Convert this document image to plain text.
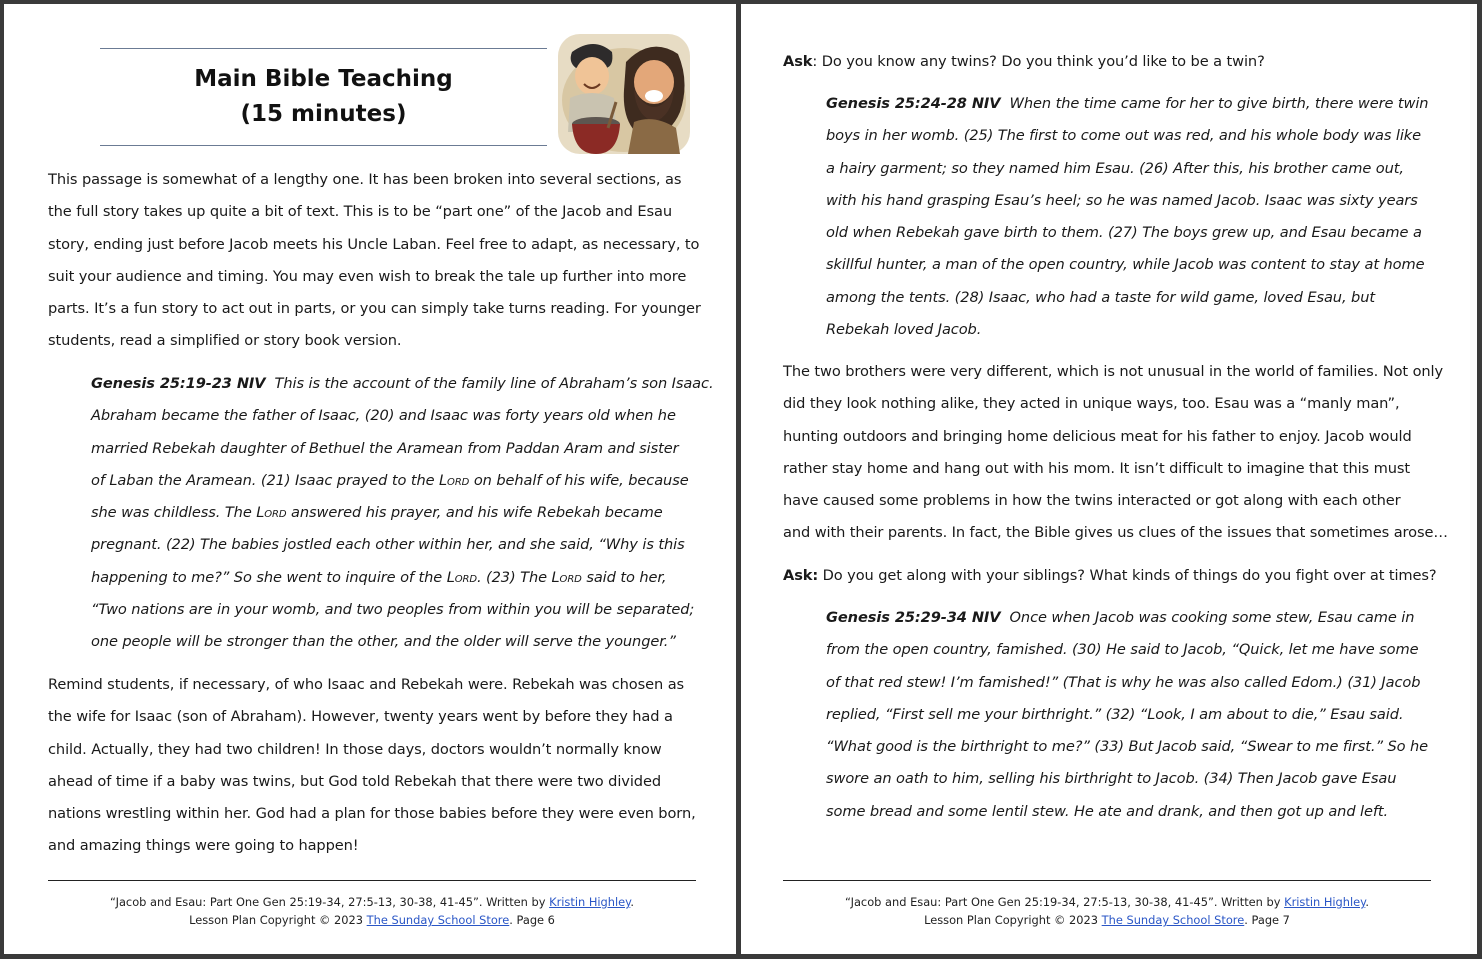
Main Bible Teaching
(15 minutes)

This passage is somewhat of a lengthy one. It has been broken into several sections, as

the full story takes up quite a bit of text. This is to be “part one” of the Jacob and Esau

story, ending just before Jacob meets his Uncle Laban. Feel free to adapt, as necessary, to

suit your audience and timing. You may even wish to break the tale up further into more

parts. It’s a fun story to act out in parts, or you can simply take turns reading. For younger

students, read a simplified or story book version.

Genesis 25:19-23 NIV This is the account of the family line of Abraham’s son Isaac.

Abraham became the father of Isaac, (20) and Isaac was forty years old when he

married Rebekah daughter of Bethuel the Aramean from Paddan Aram and sister

of Laban the Aramean. (21) Isaac prayed to the Lord on behalf of his wife, because

she was childless. The Lord answered his prayer, and his wife Rebekah became

pregnant. (22) The babies jostled each other within her, and she said, “Why is this

happening to me?” So she went to inquire of the Lord. (23) The Lord said to her,

“Two nations are in your womb, and two peoples from within you will be separated;

one people will be stronger than the other, and the older will serve the younger.”

Remind students, if necessary, of who Isaac and Rebekah were. Rebekah was chosen as

the wife for Isaac (son of Abraham). However, twenty years went by before they had a

child. Actually, they had two children! In those days, doctors wouldn’t normally know

ahead of time if a baby was twins, but God told Rebekah that there were two divided

nations wrestling within her. God had a plan for those babies before they were even born,

and amazing things were going to happen!

“Jacob and Esau: Part One Gen 25:19-34, 27:5-13, 30-38, 41-45”. Written by Kristin Highley.
Lesson Plan Copyright © 2023 The Sunday School Store. Page 6

Ask: Do you know any twins? Do you think you’d like to be a twin?

Genesis 25:24-28 NIV When the time came for her to give birth, there were twin

boys in her womb. (25) The first to come out was red, and his whole body was like

a hairy garment; so they named him Esau. (26) After this, his brother came out,

with his hand grasping Esau’s heel; so he was named Jacob. Isaac was sixty years

old when Rebekah gave birth to them. (27) The boys grew up, and Esau became a

skillful hunter, a man of the open country, while Jacob was content to stay at home

among the tents. (28) Isaac, who had a taste for wild game, loved Esau, but

Rebekah loved Jacob.

The two brothers were very different, which is not unusual in the world of families. Not only

did they look nothing alike, they acted in unique ways, too. Esau was a “manly man”,

hunting outdoors and bringing home delicious meat for his father to enjoy. Jacob would

rather stay home and hang out with his mom. It isn’t difficult to imagine that this must

have caused some problems in how the twins interacted or got along with each other

and with their parents. In fact, the Bible gives us clues of the issues that sometimes arose…

Ask: Do you get along with your siblings? What kinds of things do you fight over at times?

Genesis 25:29-34 NIV Once when Jacob was cooking some stew, Esau came in

from the open country, famished. (30) He said to Jacob, “Quick, let me have some

of that red stew! I’m famished!” (That is why he was also called Edom.) (31) Jacob

replied, “First sell me your birthright.” (32) “Look, I am about to die,” Esau said.

“What good is the birthright to me?” (33) But Jacob said, “Swear to me first.” So he

swore an oath to him, selling his birthright to Jacob. (34) Then Jacob gave Esau

some bread and some lentil stew. He ate and drank, and then got up and left.

“Jacob and Esau: Part One Gen 25:19-34, 27:5-13, 30-38, 41-45”. Written by Kristin Highley.
Lesson Plan Copyright © 2023 The Sunday School Store. Page 7
